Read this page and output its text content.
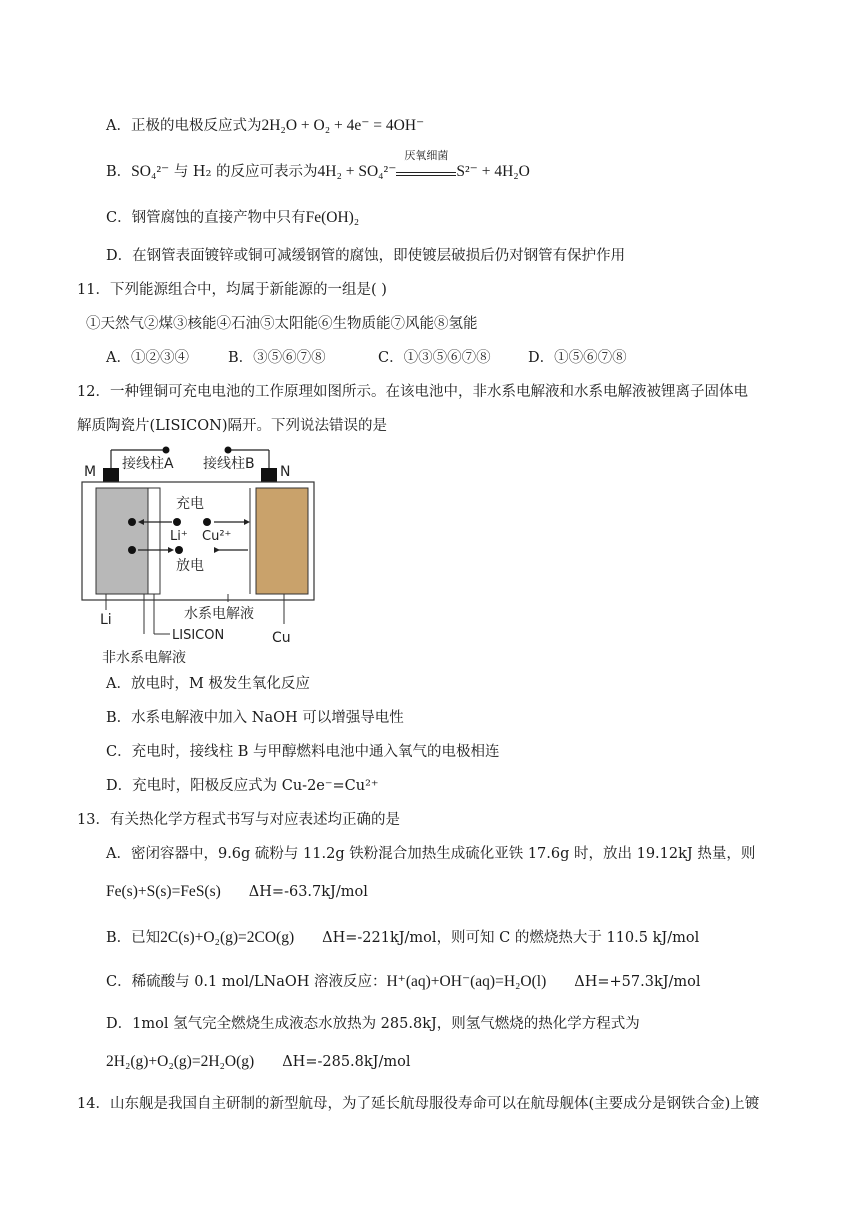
A．正极的电极反应式为2H₂O + O₂ + 4e⁻ = 4OH⁻
B．SO₄²⁻ 与 H₂ 的反应可表示为4H₂ + SO₄²⁻
厌氧细菌
S²⁻ + 4H₂O
C．钢管腐蚀的直接产物中只有Fe(OH)₂
D．在钢管表面镀锌或铜可减缓钢管的腐蚀，即使镀层破损后仍对钢管有保护作用
11．下列能源组合中，均属于新能源的一组是( )
①天然气②煤③核能④石油⑤太阳能⑥生物质能⑦风能⑧氢能
A．①②③④	B．③⑤⑥⑦⑧	C．①③⑤⑥⑦⑧	D．①⑤⑥⑦⑧
12．一种锂铜可充电电池的工作原理如图所示。在该电池中，非水系电解液和水系电解液被锂离子固体电
解质陶瓷片(LISICON)隔开。下列说法错误的是
接线柱A 接线柱B
M	N
充电
放电
Li⁺ Cu²⁺
Li	水系电解液
LISICON	Cu
非水系电解液
A．放电时，M 极发生氧化反应
B．水系电解液中加入 NaOH 可以增强导电性
C．充电时，接线柱 B 与甲醇燃料电池中通入氧气的电极相连
D．充电时，阳极反应式为 Cu-2e⁻=Cu²⁺
13．有关热化学方程式书写与对应表述均正确的是
A．密闭容器中，9.6g 硫粉与 11.2g 铁粉混合加热生成硫化亚铁 17.6g 时，放出 19.12kJ 热量，则
Fe(s)+S(s)=FeS(s) ΔH=-63.7kJ/mol
B．已知2C(s)+O₂(g)=2CO(g) ΔH=-221kJ/mol，则可知 C 的燃烧热大于 110.5 kJ/mol
C．稀硫酸与 0.1 mol/LNaOH 溶液反应：H⁺(aq)+OH⁻(aq)=H₂O(l) ΔH=+57.3kJ/mol
D．1mol 氢气完全燃烧生成液态水放热为 285.8kJ，则氢气燃烧的热化学方程式为
2H₂(g)+O₂(g)=2H₂O(g) ΔH=-285.8kJ/mol
14．山东舰是我国自主研制的新型航母，为了延长航母服役寿命可以在航母舰体(主要成分是钢铁合金)上镀
